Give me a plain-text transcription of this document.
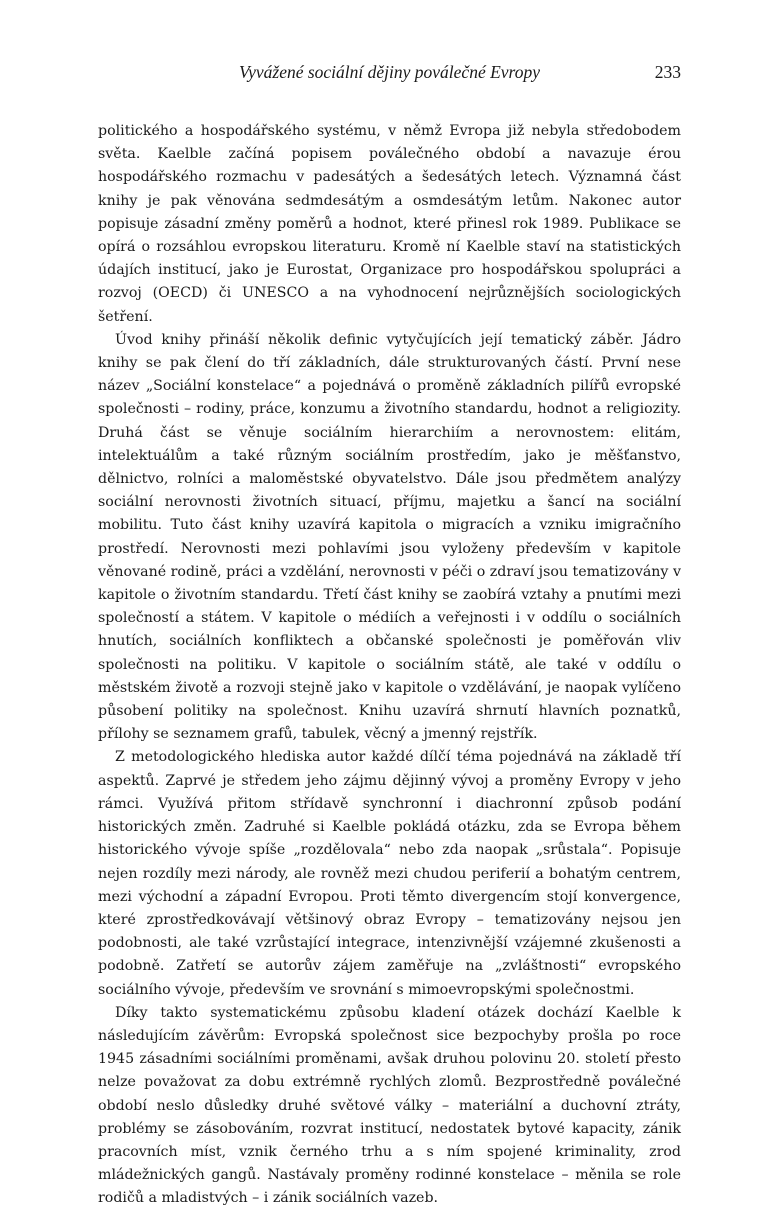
Vyvážené sociální dějiny poválečné Evropy	233

politického a hospodářského systému, v němž Evropa již nebyla středobodem světa. Kaelble začíná popisem poválečného období a navazuje érou hospodářského rozmachu v padesátých a šedesátých letech. Významná část knihy je pak věnována sedmdesátým a osmdesátým letům. Nakonec autor popisuje zásadní změny poměrů a hodnot, které přinesl rok 1989. Publikace se opírá o rozsáhlou evropskou literaturu. Kromě ní Kaelble staví na statistických údajích institucí, jako je Eurostat, Organizace pro hospodářskou spolupráci a rozvoj (OECD) či UNESCO a na vyhodnocení nejrůznějších sociologických šetření.

Úvod knihy přináší několik definic vytyčujících její tematický záběr. Jádro knihy se pak člení do tří základních, dále strukturovaných částí. První nese název „Sociální konstelace“ a pojednává o proměně základních pilířů evropské společnosti – rodiny, práce, konzumu a životního standardu, hodnot a religiozity. Druhá část se věnuje sociálním hierarchiím a nerovnostem: elitám, intelektuálům a také různým sociálním prostředím, jako je měšťanstvo, dělnictvo, rolníci a maloměstské obyvatelstvo. Dále jsou předmětem analýzy sociální nerovnosti životních situací, příjmu, majetku a šancí na sociální mobilitu. Tuto část knihy uzavírá kapitola o migracích a vzniku imigračního prostředí. Nerovnosti mezi pohlavími jsou vyloženy především v kapitole věnované rodině, práci a vzdělání, nerovnosti v péči o zdraví jsou tematizovány v kapitole o životním standardu. Třetí část knihy se zaobírá vztahy a pnutími mezi společností a státem. V kapitole o médiích a veřejnosti i v oddílu o sociálních hnutích, sociálních konfliktech a občanské společnosti je poměřován vliv společnosti na politiku. V kapitole o sociálním státě, ale také v oddílu o městském životě a rozvoji stejně jako v kapitole o vzdělávání, je naopak vylíčeno působení politiky na společnost. Knihu uzavírá shrnutí hlavních poznatků, přílohy se seznamem grafů, tabulek, věcný a jmenný rejstřík.

Z metodologického hlediska autor každé dílčí téma pojednává na základě tří aspektů. Zaprvé je středem jeho zájmu dějinný vývoj a proměny Evropy v jeho rámci. Využívá přitom střídavě synchronní i diachronní způsob podání historických změn. Zadruhé si Kaelble pokládá otázku, zda se Evropa během historického vývoje spíše „rozdělovala“ nebo zda naopak „srůstala“. Popisuje nejen rozdíly mezi národy, ale rovněž mezi chudou periferií a bohatým centrem, mezi východní a západní Evropou. Proti těmto divergencím stojí konvergence, které zprostředkovávají většinový obraz Evropy – tematizovány nejsou jen podobnosti, ale také vzrůstající integrace, intenzivnější vzájemné zkušenosti a podobně. Zatřetí se autorův zájem zaměřuje na „zvláštnosti“ evropského sociálního vývoje, především ve srovnání s mimoevropskými společnostmi.

Díky takto systematickému způsobu kladení otázek dochází Kaelble k následujícím závěrům: Evropská společnost sice bezpochyby prošla po roce 1945 zásadními sociálními proměnami, avšak druhou polovinu 20. století přesto nelze považovat za dobu extrémně rychlých zlomů. Bezprostředně poválečné období neslo důsledky druhé světové války – materiální a duchovní ztráty, problémy se zásobováním, rozvrat institucí, nedostatek bytové kapacity, zánik pracovních míst, vznik černého trhu a s ním spojené kriminality, zrod mládežnických gangů. Nastávaly proměny rodinné konstelace – měnila se role rodičů a mladistvých – i zánik sociálních vazeb.
